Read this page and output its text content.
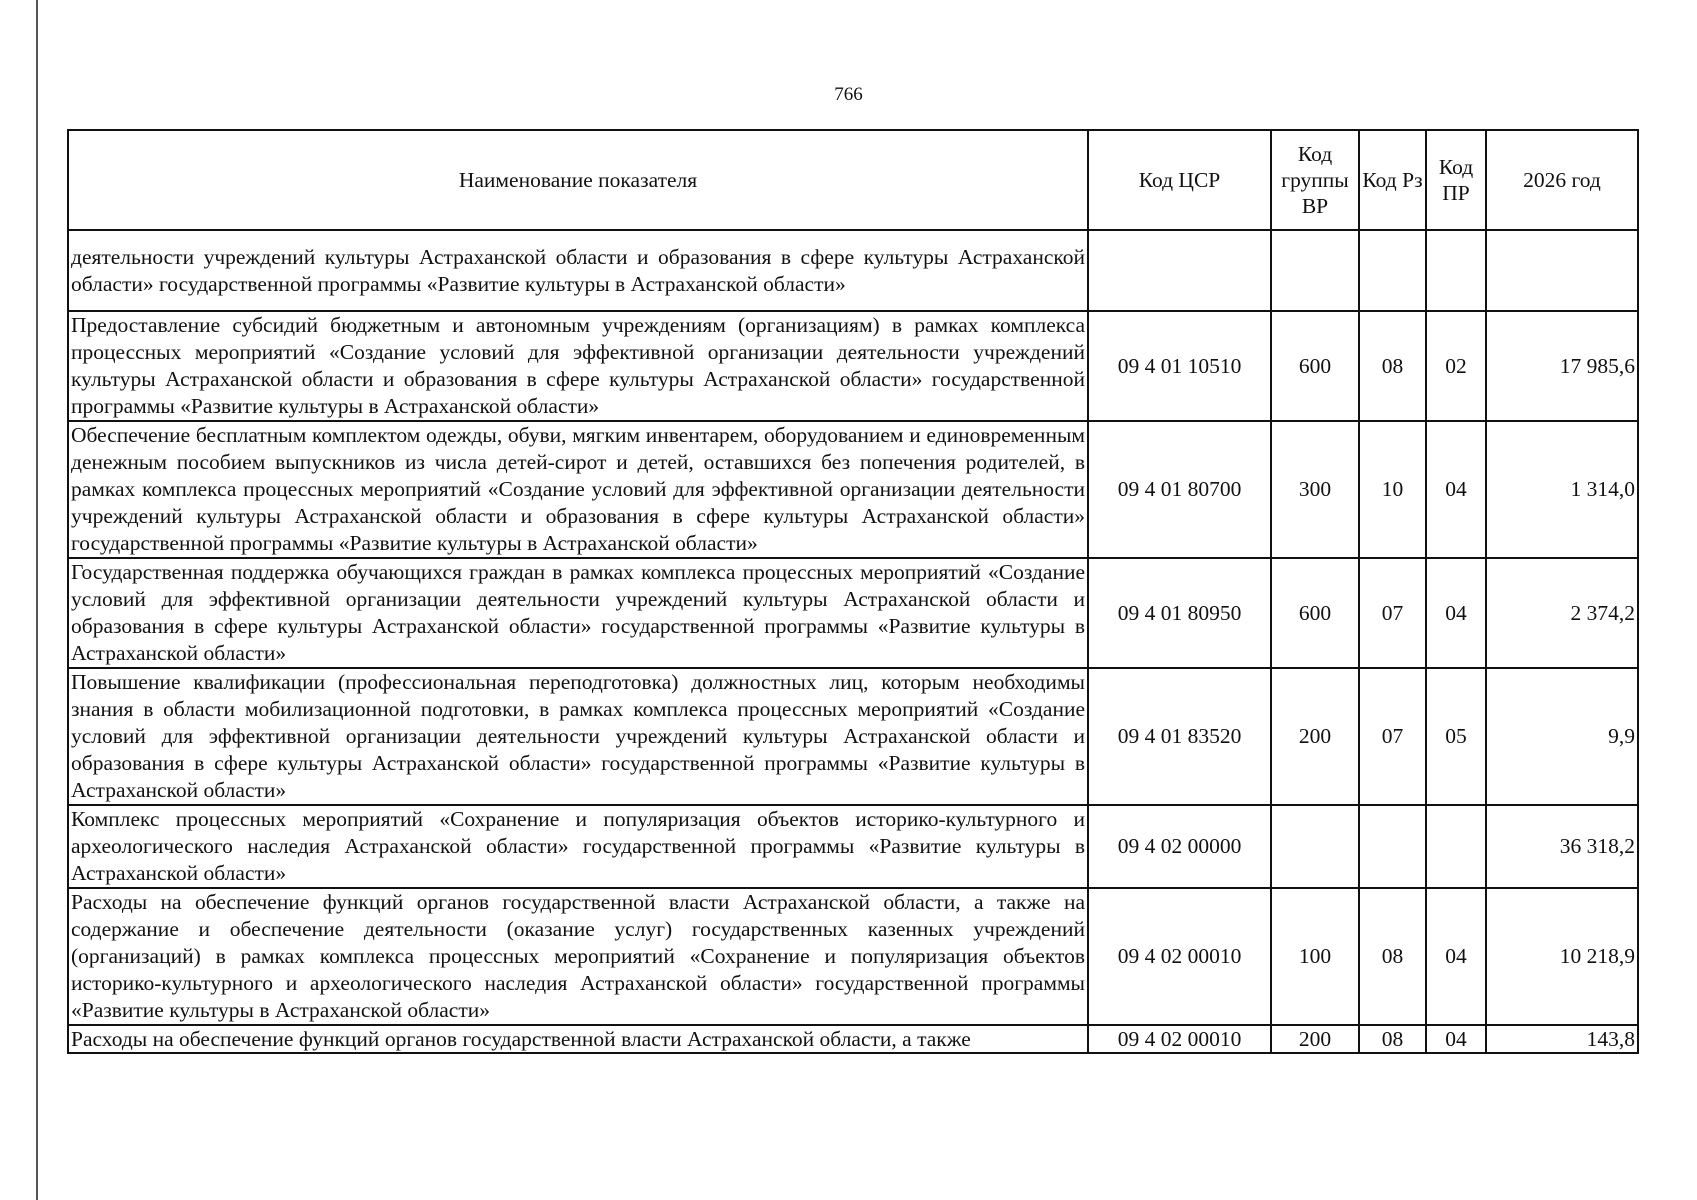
766
Наименование показателя	Код ЦСР	Код группы ВР	Код Рз	Код ПР	2026 год
деятельности учреждений культуры Астраханской области и образования в сфере культуры Астраханской области» государственной программы «Развитие культуры в Астраханской области»					
Предоставление субсидий бюджетным и автономным учреждениям (организациям) в рамках комплекса процессных мероприятий «Создание условий для эффективной организации деятельности учреждений культуры Астраханской области и образования в сфере культуры Астраханской области» государственной программы «Развитие культуры в Астраханской области»	09 4 01 10510	600	08	02	17 985,6
Обеспечение бесплатным комплектом одежды, обуви, мягким инвентарем, оборудованием и единовременным денежным пособием выпускников из числа детей-сирот и детей, оставшихся без попечения родителей, в рамках комплекса процессных мероприятий «Создание условий для эффективной организации деятельности учреждений культуры Астраханской области и образования в сфере культуры Астраханской области» государственной программы «Развитие культуры в Астраханской области»	09 4 01 80700	300	10	04	1 314,0
Государственная поддержка обучающихся граждан в рамках комплекса процессных мероприятий «Создание условий для эффективной организации деятельности учреждений культуры Астраханской области и образования в сфере культуры Астраханской области» государственной программы «Развитие культуры в Астраханской области»	09 4 01 80950	600	07	04	2 374,2
Повышение квалификации (профессиональная переподготовка) должностных лиц, которым необходимы знания в области мобилизационной подготовки, в рамках комплекса процессных мероприятий «Создание условий для эффективной организации деятельности учреждений культуры Астраханской области и образования в сфере культуры Астраханской области» государственной программы «Развитие культуры в Астраханской области»	09 4 01 83520	200	07	05	9,9
Комплекс процессных мероприятий «Сохранение и популяризация объектов историко-культурного и археологического наследия Астраханской области» государственной программы «Развитие культуры в Астраханской области»	09 4 02 00000				36 318,2
Расходы на обеспечение функций органов государственной власти Астраханской области, а также на содержание и обеспечение деятельности (оказание услуг) государственных казенных учреждений (организаций) в рамках комплекса процессных мероприятий «Сохранение и популяризация объектов историко-культурного и археологического наследия Астраханской области» государственной программы «Развитие культуры в Астраханской области»	09 4 02 00010	100	08	04	10 218,9
Расходы на обеспечение функций органов государственной власти Астраханской области, а также	09 4 02 00010	200	08	04	143,8
